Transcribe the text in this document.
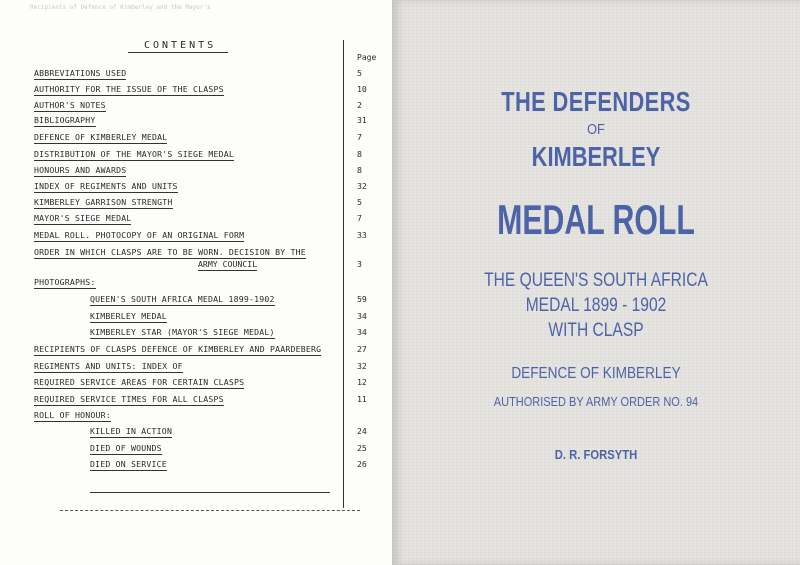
Recipients of Defence of Kimberley and the Mayor's
CONTENTS
Page
ABBREVIATIONS USED	5
AUTHORITY FOR THE ISSUE OF THE CLASPS	10
AUTHOR'S NOTES	2
BIBLIOGRAPHY	31
DEFENCE OF KIMBERLEY MEDAL	7
DISTRIBUTION OF THE MAYOR'S SIEGE MEDAL	8
HONOURS AND AWARDS	8
INDEX OF REGIMENTS AND UNITS	32
KIMBERLEY GARRISON STRENGTH	5
MAYOR'S SIEGE MEDAL	7
MEDAL ROLL. PHOTOCOPY OF AN ORIGINAL FORM	33
ORDER IN WHICH CLASPS ARE TO BE WORN. DECISION BY THE
ARMY COUNCIL	3
PHOTOGRAPHS:
QUEEN'S SOUTH AFRICA MEDAL 1899-1902	59
KIMBERLEY MEDAL	34
KIMBERLEY STAR (MAYOR'S SIEGE MEDAL)	34
RECIPIENTS OF CLASPS DEFENCE OF KIMBERLEY AND PAARDEBERG	27
REGIMENTS AND UNITS: INDEX OF	32
REQUIRED SERVICE AREAS FOR CERTAIN CLASPS	12
REQUIRED SERVICE TIMES FOR ALL CLASPS	11
ROLL OF HONOUR:
KILLED IN ACTION	24
DIED OF WOUNDS	25
DIED ON SERVICE	26
THE DEFENDERS
OF
KIMBERLEY
MEDAL ROLL
THE QUEEN'S SOUTH AFRICA
MEDAL 1899 - 1902
WITH CLASP
DEFENCE OF KIMBERLEY
AUTHORISED BY ARMY ORDER NO. 94
D. R. FORSYTH
